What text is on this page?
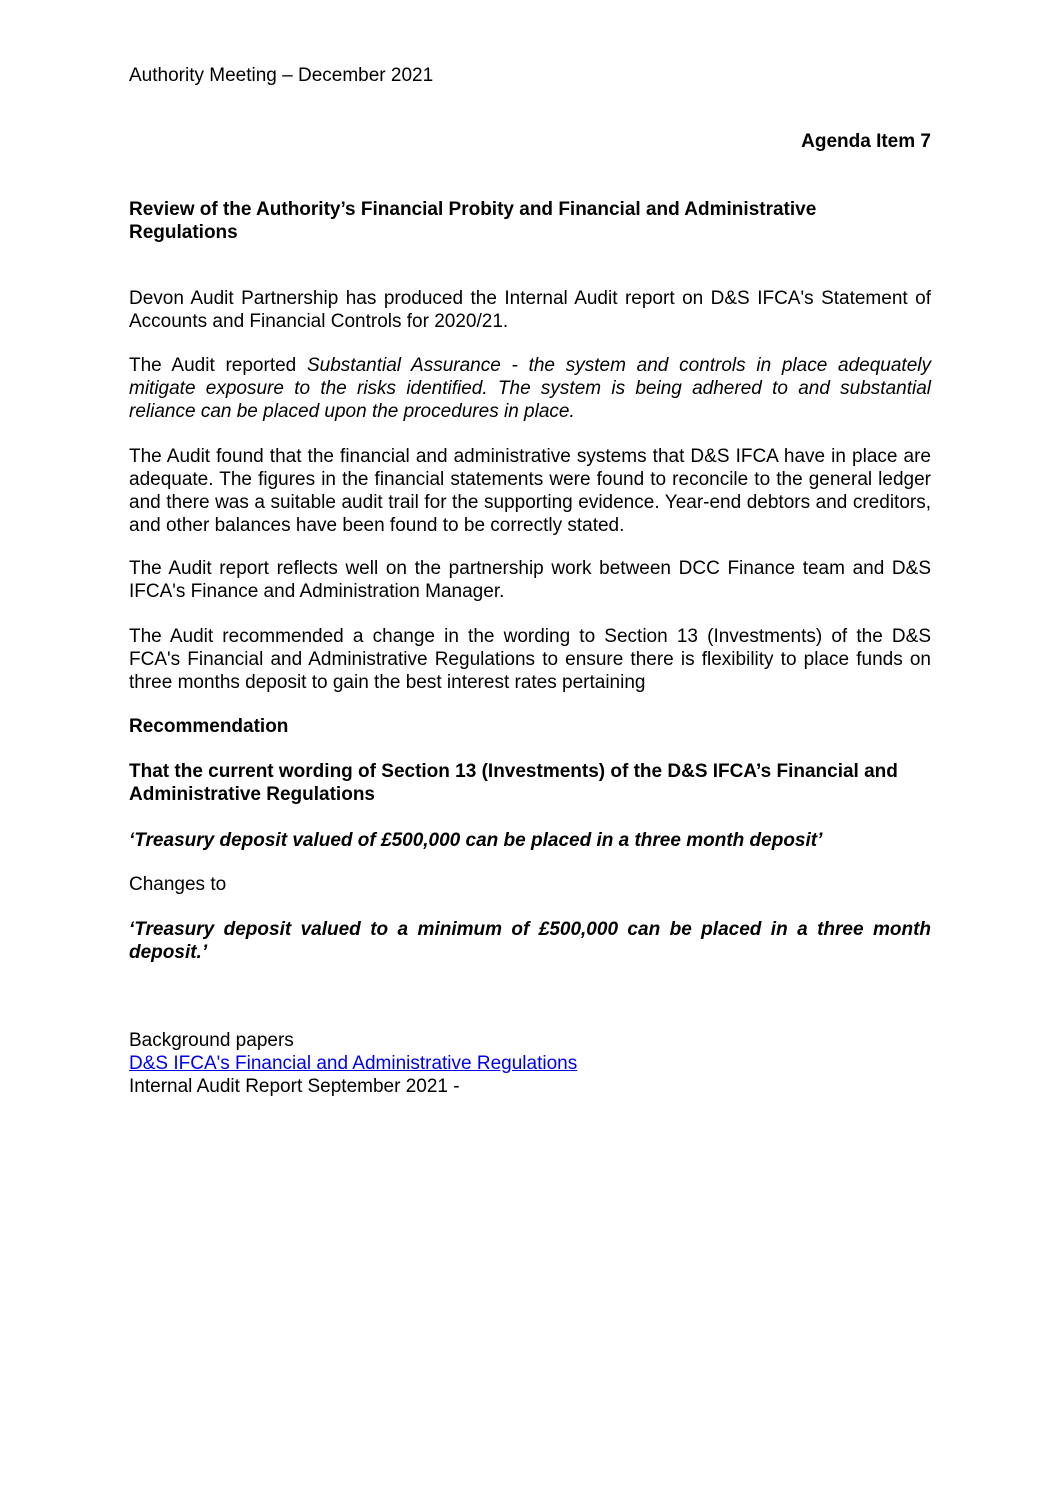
Authority Meeting – December 2021

Agenda Item 7

Review of the Authority’s Financial Probity and Financial and Administrative Regulations

Devon Audit Partnership has produced the Internal Audit report on D&S IFCA's Statement of Accounts and Financial Controls for 2020/21.

The Audit reported Substantial Assurance - the system and controls in place adequately mitigate exposure to the risks identified. The system is being adhered to and substantial reliance can be placed upon the procedures in place.

The Audit found that the financial and administrative systems that D&S IFCA have in place are adequate. The figures in the financial statements were found to reconcile to the general ledger and there was a suitable audit trail for the supporting evidence. Year-end debtors and creditors, and other balances have been found to be correctly stated.

The Audit report reflects well on the partnership work between DCC Finance team and D&S IFCA's Finance and Administration Manager.

The Audit recommended a change in the wording to Section 13 (Investments) of the D&S FCA's Financial and Administrative Regulations to ensure there is flexibility to place funds on three months deposit to gain the best interest rates pertaining

Recommendation

That the current wording of Section 13 (Investments) of the D&S IFCA’s Financial and Administrative Regulations

‘Treasury deposit valued of £500,000 can be placed in a three month deposit’

Changes to

‘Treasury deposit valued to a minimum of £500,000 can be placed in a three month deposit.’

Background papers

D&S IFCA's Financial and Administrative Regulations

Internal Audit Report September 2021 -
